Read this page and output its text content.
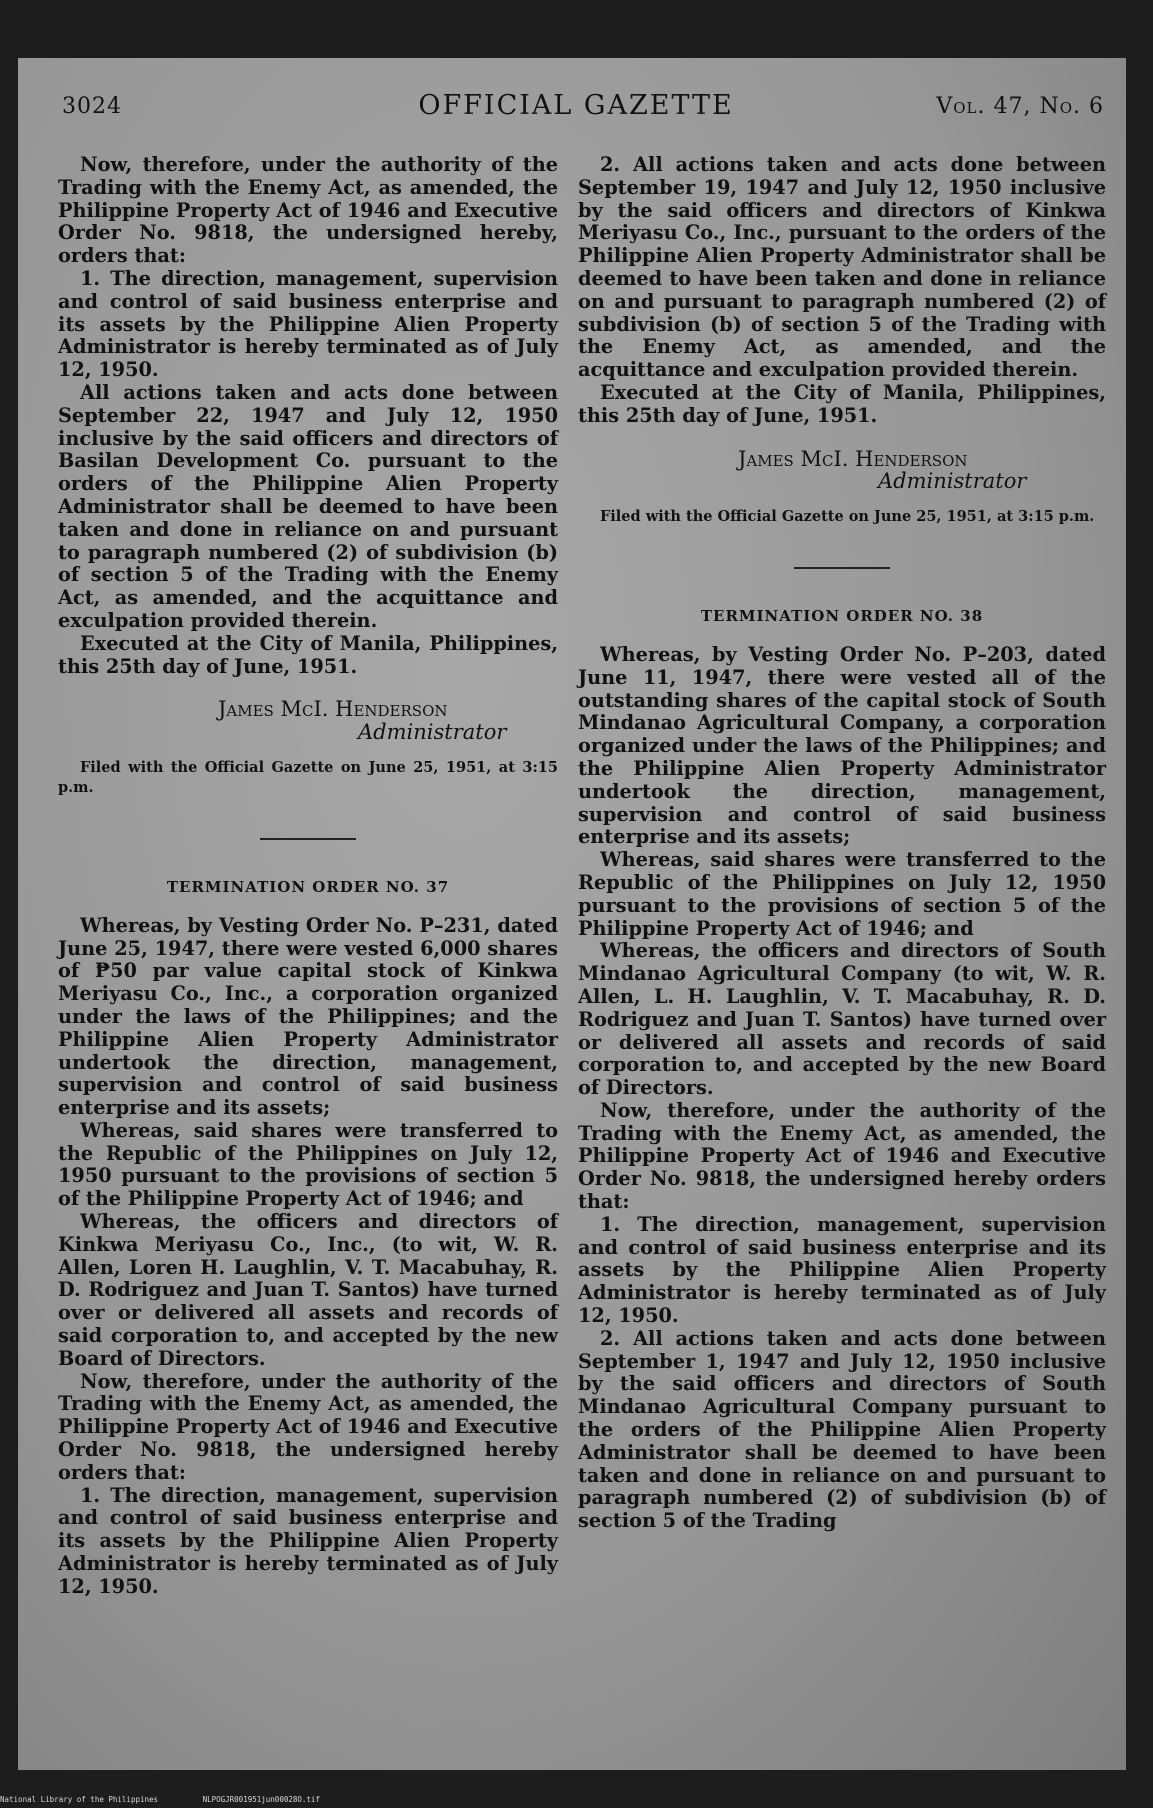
3024	OFFICIAL GAZETTE	Vol. 47, No. 6

Now, therefore, under the authority of the Trading with the Enemy Act, as amended, the Philippine Property Act of 1946 and Executive Order No. 9818, the undersigned hereby, orders that:

1. The direction, management, supervision and control of said business enterprise and its assets by the Philippine Alien Property Administrator is hereby terminated as of July 12, 1950.

All actions taken and acts done between September 22, 1947 and July 12, 1950 inclusive by the said officers and directors of Basilan Development Co. pursuant to the orders of the Philippine Alien Property Administrator shall be deemed to have been taken and done in reliance on and pursuant to paragraph numbered (2) of subdivision (b) of section 5 of the Trading with the Enemy Act, as amended, and the acquittance and exculpation provided therein.

Executed at the City of Manila, Philippines, this 25th day of June, 1951.

James McI. Henderson
Administrator
Filed with the Official Gazette on June 25, 1951, at 3:15 p.m.
TERMINATION ORDER NO. 37

Whereas, by Vesting Order No. P–231, dated June 25, 1947, there were vested 6,000 shares of ₱50 par value capital stock of Kinkwa Meriyasu Co., Inc., a corporation organized under the laws of the Philippines; and the Philippine Alien Property Administrator undertook the direction, management, supervision and control of said business enterprise and its assets;

Whereas, said shares were transferred to the Republic of the Philippines on July 12, 1950 pursuant to the provisions of section 5 of the Philippine Property Act of 1946; and

Whereas, the officers and directors of Kinkwa Meriyasu Co., Inc., (to wit, W. R. Allen, Loren H. Laughlin, V. T. Macabuhay, R. D. Rodriguez and Juan T. Santos) have turned over or delivered all assets and records of said corporation to, and accepted by the new Board of Directors.

Now, therefore, under the authority of the Trading with the Enemy Act, as amended, the Philippine Property Act of 1946 and Executive Order No. 9818, the undersigned hereby orders that:

1. The direction, management, supervision and control of said business enterprise and its assets by the Philippine Alien Property Administrator is hereby terminated as of July 12, 1950.

2. All actions taken and acts done between September 19, 1947 and July 12, 1950 inclusive by the said officers and directors of Kinkwa Meriyasu Co., Inc., pursuant to the orders of the Philippine Alien Property Administrator shall be deemed to have been taken and done in reliance on and pursuant to paragraph numbered (2) of subdivision (b) of section 5 of the Trading with the Enemy Act, as amended, and the acquittance and exculpation provided therein.

Executed at the City of Manila, Philippines, this 25th day of June, 1951.

James McI. Henderson
Administrator
Filed with the Official Gazette on June 25, 1951, at 3:15 p.m.
TERMINATION ORDER NO. 38

Whereas, by Vesting Order No. P–203, dated June 11, 1947, there were vested all of the outstanding shares of the capital stock of South Mindanao Agricultural Company, a corporation organized under the laws of the Philippines; and the Philippine Alien Property Administrator undertook the direction, management, supervision and control of said business enterprise and its assets;

Whereas, said shares were transferred to the Republic of the Philippines on July 12, 1950 pursuant to the provisions of section 5 of the Philippine Property Act of 1946; and

Whereas, the officers and directors of South Mindanao Agricultural Company (to wit, W. R. Allen, L. H. Laughlin, V. T. Macabuhay, R. D. Rodriguez and Juan T. Santos) have turned over or delivered all assets and records of said corporation to, and accepted by the new Board of Directors.

Now, therefore, under the authority of the Trading with the Enemy Act, as amended, the Philippine Property Act of 1946 and Executive Order No. 9818, the undersigned hereby orders that:

1. The direction, management, supervision and control of said business enterprise and its assets by the Philippine Alien Property Administrator is hereby terminated as of July 12, 1950.

2. All actions taken and acts done between September 1, 1947 and July 12, 1950 inclusive by the said officers and directors of South Mindanao Agricultural Company pursuant to the orders of the Philippine Alien Property Administrator shall be deemed to have been taken and done in reliance on and pursuant to paragraph numbered (2) of subdivision (b) of section 5 of the Trading

National Library of the Philippines	NLPOGJR001951jun00028O.tif
